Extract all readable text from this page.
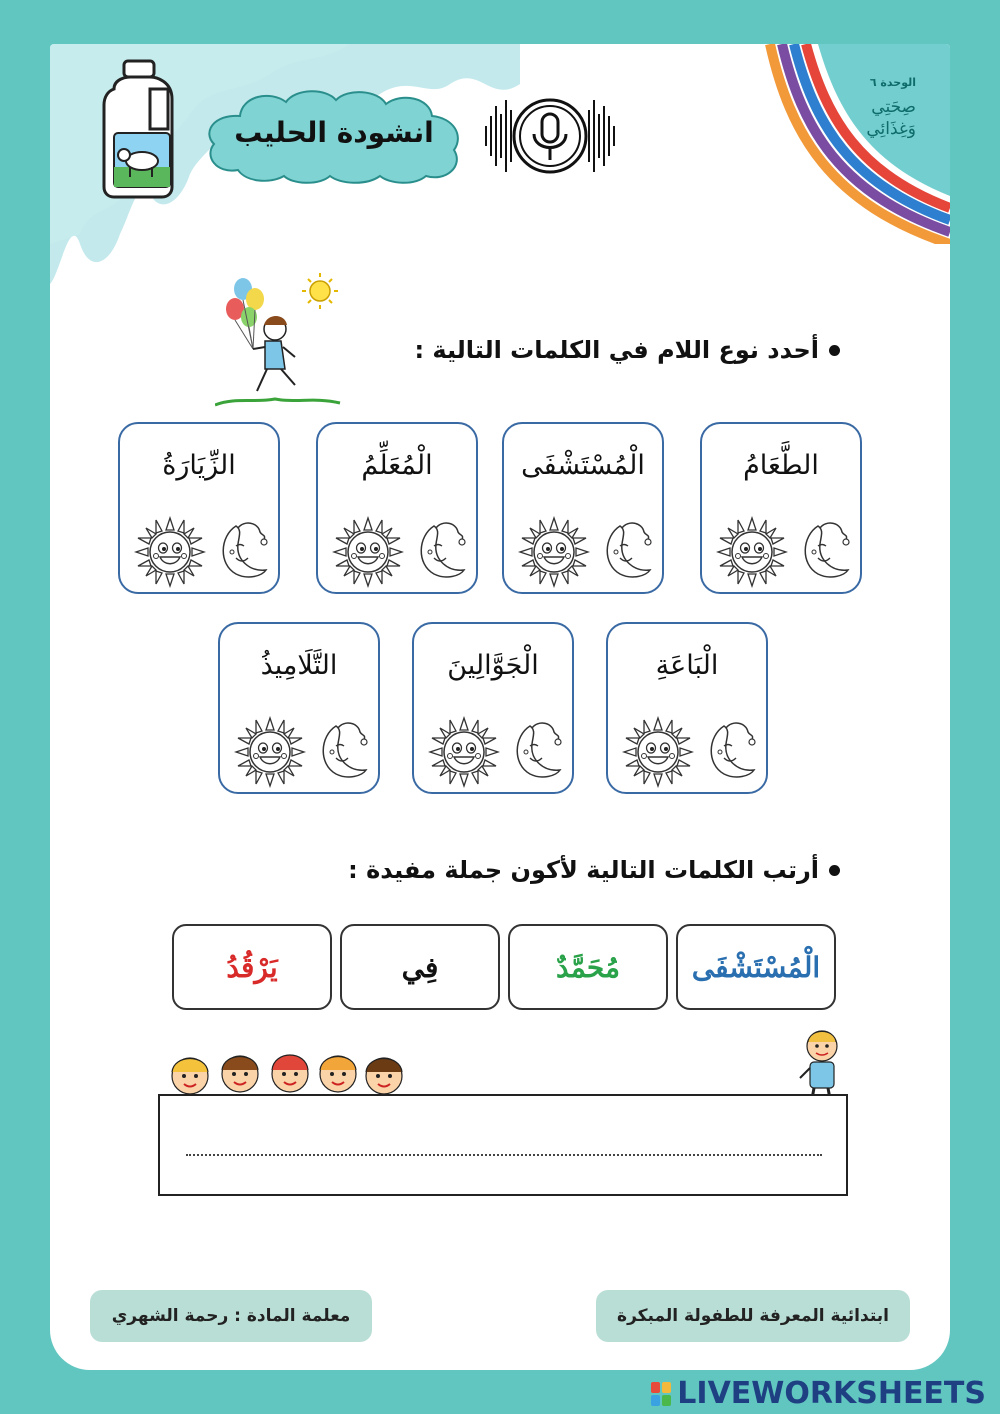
الوحدة ٦
صِحَتِي
وَغِذَائِي
انشودة الحليب
أحدد نوع اللام في الكلمات التالية :
الطَّعَامُ
الْمُسْتَشْفَى
الْمُعَلِّمُ
الزِّيَارَةُ
الْبَاعَةِ
الْجَوَّالِينَ
التَّلَامِيذُ
أرتب الكلمات التالية لأكون جملة مفيدة :
الْمُسْتَشْفَى
مُحَمَّدٌ
فِي
يَرْقُدُ
ابتدائية المعرفة للطفولة المبكرة
معلمة المادة : رحمة الشهري
LIVEWORKSHEETS
